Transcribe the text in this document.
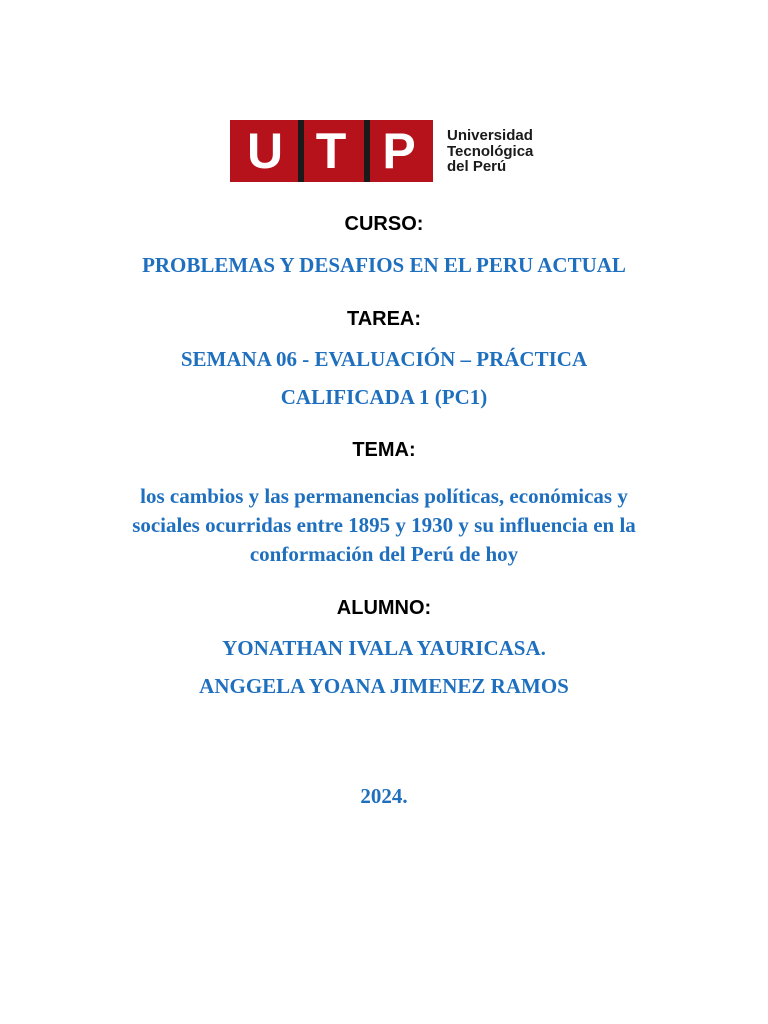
U T P	Universidad
Tecnológica
del Perú
CURSO:
PROBLEMAS Y DESAFIOS EN EL PERU ACTUAL
TAREA:
SEMANA 06 - EVALUACIÓN – PRÁCTICA
CALIFICADA 1 (PC1)
TEMA:
los cambios y las permanencias políticas, económicas y sociales ocurridas entre 1895 y 1930 y su influencia en la conformación del Perú de hoy
ALUMNO:
YONATHAN IVALA YAURICASA.
ANGGELA YOANA JIMENEZ RAMOS
2024.
